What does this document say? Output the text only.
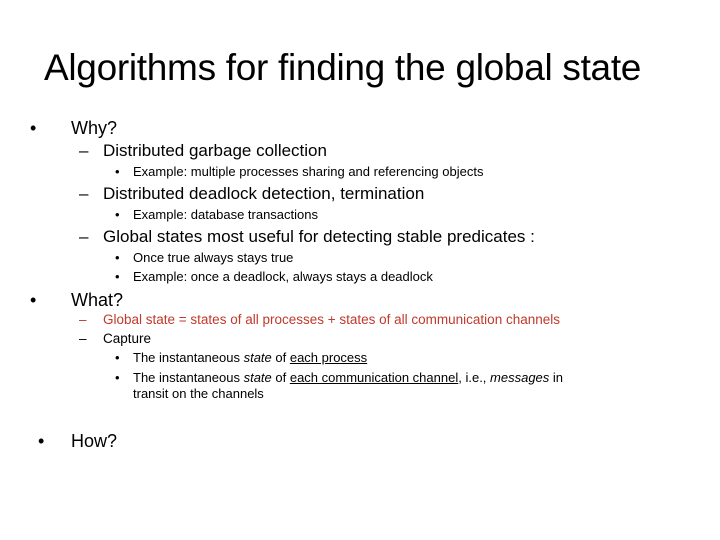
Algorithms for finding the global state
• Why?
– Distributed garbage collection
• Example: multiple processes sharing and referencing objects
– Distributed deadlock detection, termination
• Example: database transactions
– Global states most useful for detecting stable predicates :
• Once true always stays true
• Example: once a deadlock, always stays a deadlock
• What?
– Global state = states of all processes + states of all communication channels
– Capture
• The instantaneous state of each process
• The instantaneous state of each communication channel, i.e., messages in
transit on the channels
• How?
